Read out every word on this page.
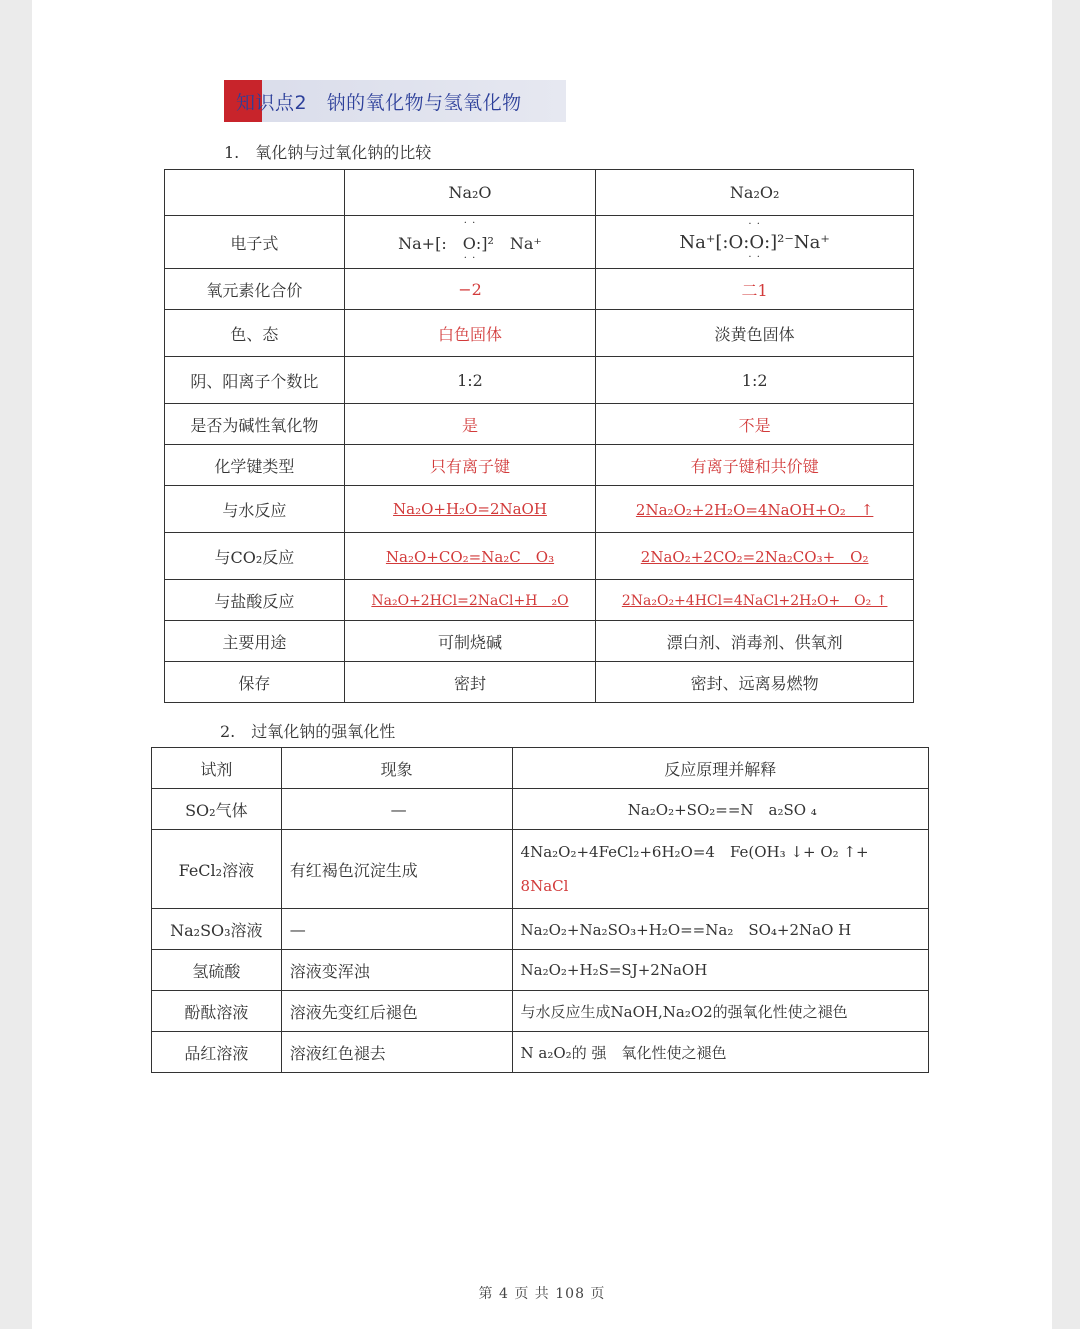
知识点2　钠的氧化物与氢氧化物
1.　氧化钠与过氧化钠的比较
	Na₂O	Na₂O₂
电子式	· · Na+[:　O:]²　Na⁺ · ·	· · Na⁺[:O:O:]²⁻Na⁺ · ·
氧元素化合价	−2	二1
色、态	白色固体	淡黄色固体
阴、阳离子个数比	1:2	1:2
是否为碱性氧化物	是	不是
化学键类型	只有离子键	有离子键和共价键
与水反应	Na₂O+H₂O=2NaOH	2Na₂O₂+2H₂O=4NaOH+O₂　↑
与CO₂反应	Na₂O+CO₂=Na₂C　O₃	2NaO₂+2CO₂=2Na₂CO₃+　O₂
与盐酸反应	Na₂O+2HCl=2NaCl+H　₂O	2Na₂O₂+4HCl=4NaCl+2H₂O+　O₂ ↑
主要用途	可制烧碱	漂白剂、消毒剂、供氧剂
保存	密封	密封、远离易燃物
2.　过氧化钠的强氧化性
试剂	现象	反应原理并解释
SO₂气体	—	Na₂O₂+SO₂==N　a₂SO ₄
FeCl₂溶液	有红褐色沉淀生成	4Na₂O₂+4FeCl₂+6H₂O=4　Fe(OH₃ ↓+ O₂ ↑+
8NaCl

Na₂SO₃溶液	—	Na₂O₂+Na₂SO₃+H₂O==Na₂　SO₄+2NaO H
氢硫酸	溶液变浑浊	Na₂O₂+H₂S=SJ+2NaOH
酚酞溶液	溶液先变红后褪色	与水反应生成NaOH,Na₂O2的强氧化性使之褪色
品红溶液	溶液红色褪去	N a₂O₂的 强　氧化性使之褪色
第 4 页 共 108 页
